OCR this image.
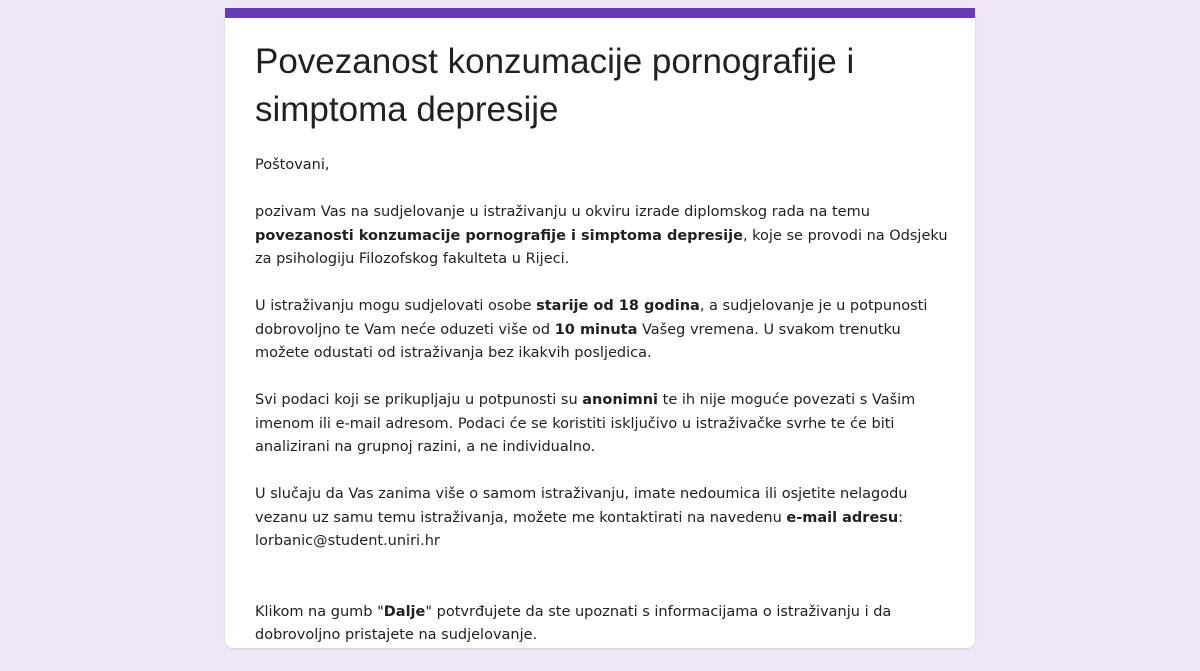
Povezanost konzumacije pornografije i simptoma depresije

Poštovani,

pozivam Vas na sudjelovanje u istraživanju u okviru izrade diplomskog rada na temu povezanosti konzumacije pornografije i simptoma depresije, koje se provodi na Odsjeku za psihologiju Filozofskog fakulteta u Rijeci.

U istraživanju mogu sudjelovati osobe starije od 18 godina, a sudjelovanje je u potpunosti dobrovoljno te Vam neće oduzeti više od 10 minuta Vašeg vremena. U svakom trenutku možete odustati od istraživanja bez ikakvih posljedica.

Svi podaci koji se prikupljaju u potpunosti su anonimni te ih nije moguće povezati s Vašim imenom ili e-mail adresom. Podaci će se koristiti isključivo u istraživačke svrhe te će biti analizirani na grupnoj razini, a ne individualno.

U slučaju da Vas zanima više o samom istraživanju, imate nedoumica ili osjetite nelagodu vezanu uz samu temu istraživanja, možete me kontaktirati na navedenu e-mail adresu:
lorbanic@student.uniri.hr

Klikom na gumb "Dalje" potvrđujete da ste upoznati s informacijama o istraživanju i da dobrovoljno pristajete na sudjelovanje.
